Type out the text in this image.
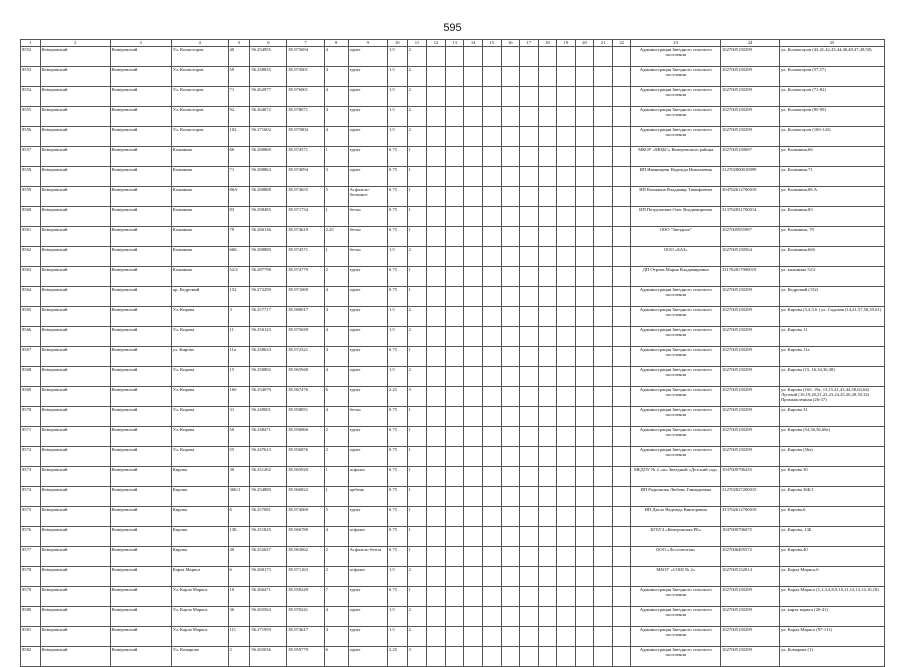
595
1	2	3	4	5	6	7	8	9	10	11	12	13	14	15	16	17	18	19	20	21	22	23	24	25
8552	Кемеровский	Кемеровский	Ул. Колмогоров	40	56.254955	85.975694	4	грунт	1.5	2												Администрация Звездного сельского поселения	1027005150299	ул. Колмогоров (43,41,42,43,44,46,48,47,49,50)
8553	Кемеровский	Кемеровский	Ул. Колмогоров	59	56.258835	85.975001	4	грунт	1.5	2												Администрация Звездного сельского поселения	1027005150299	ул. Колмогоров (57,57)
8554	Кемеровский	Кемеровский	Ул. Колмогоров	71	56.262977	85.976001	4	грунт	1.5	2												Администрация Звездного сельского поселения	1027005150299	ул. Колмогоров (71-82)
8555	Кемеровский	Кемеровский	Ул. Колмогоров	92	56.264072	85.978071	4	грунт	1.5	2												Администрация Звездного сельского поселения	1027005150299	ул. Колмогоров (85-99)
8556	Кемеровский	Кемеровский	Ул. Колмогоров	102	56.271602	85.975804	4	грунт	1.5	2												Администрация Звездного сельского поселения	1027005150299	ул. Колмогоров (100-142)
8557	Кемеровский	Кемеровский	Калинина	66	56.280860	85.974571	1	грунт	0.75	1												МКОУ «МЦБС» Кемеровского района	1027005150697	ул. Калинина,66
8558	Кемеровский	Кемеровский	Калинина	71	56.280863	85.974094	3	грунт	0.75	1												ИП Иванищева Надежда Николаевна	312702800010999	ул. Калинина,71
8559	Кемеровский	Кемеровский	Калинина	86А	56.280888	85.974655	5	Асфальто-бетонное	0.75	1												ИП Колмаков Владимир Тимофеевич	304702612700019	ул. Калинина,86 А
8560	Кемеровский	Кемеровский	Калинина	83	56.298485	85.971734	1	бетон	0.75	1												ИП Петрушевич Олег Владимирович	313702831700014	ул. Калинина,83
8561	Кемеровский	Кемеровский	Калинина	79	56.286136	85.974619	2.25	бетон	0.75	1												ООО "Звездное"	1027005955997	ул. Калинина, 79
8562	Кемеровский	Кемеровский	Калинина	66Б	56.280880	85.974571	1	бетон	1.5	2												ООО «БАЗ»	1027005150564	ул. Калинина,66б
8563	Кемеровский	Кемеровский	Калинина	52/2	56.287798	85.974779	2	грунт	0.75	1												ДП Отрова Мария Владимировна	311702817900019	ул. калинина 52/2
8564	Кемеровский	Кемеровский	пр. Кедровый	152	56.272299	85.971069	4	грунт	0.75	1												Администрация Звездного сельского поселения	1027005150299	ул. Кедровый (152)
8565	Кемеровский	Кемеровский	Ул. Кирова	3	56.257717	85.980017	4	грунт	1.5	2												Администрация Звездного сельского поселения	1027005150299	ул. Кирова (3,4,5,6 ) ул. Садовая (14,21,57,58,59,61)
8566	Кемеровский	Кемеровский	Ул. Кирова	11	56.256123	85.975049	4	грунт	1.5	2												Администрация Звездного сельского поселения	1027005150299	ул. Кирова 11
8567	Кемеровский	Кемеровский	ул. Кирова	11а	56.258633	85.972321	4	грунт	0.75	1												Администрация Звездного сельского поселения	1027005150299	ул. Кирова 11а
8568	Кемеровский	Кемеровский	Ул. Кирова	15	56.250892	85.965948	4	грунт	1.5	2												Администрация Звездного сельского поселения	1027005150299	ул. Кирова (15, 16,34,36,38)
8569	Кемеровский	Кемеровский	Ул. Кирова	16б	56.254079	85.967476	6	грунт	2.25	3												Администрация Звездного сельского поселения	1027005150299	ул. Кирова (16б, 19а, 13,15,41,43,44,58,63,64) Луговой (16,19,20,21,22,23,24,25,26,28,30,32) Промышленная (26-37)
8570	Кемеровский	Кемеровский	Ул. Кирова	31	56.249001	85.958851	4	бетон	0.75	1												Администрация Звездного сельского поселения	1027005150299	ул. Кирова 31
8571	Кемеровский	Кемеровский	Ул. Кирова	50	56.248471	85.956866	2	грунт	0.75	1												Администрация Звездного сельского поселения	1027005150299	ул. Кирова (54,56,56,60а)
8572	Кемеровский	Кемеровский	Ул. Кирова	55	56.247613	85.956876	2	грунт	0.75	1												Администрация Звездного сельского поселения	1027005150299	ул. Кирова (56а)
8573	Кемеровский	Кемеровский	Кирова	30	56.251202	85.965920	1	асфальт	0.75	1												МБДОУ № 2 «ж» Звездный «Детский сад»	1047000796435	ул. Кирова 30
8574	Кемеровский	Кемеровский	Кирова	36Б/1	56.254880	85.966822	1	щебень	0.75	1												ИП Радионова Любовь Геннадьевна	312702827200015	ул. Кирова 36Б/1
8575	Кемеровский	Кемеровский	Кирова	6	56.257081	85.974069	5	грунт	0.75	1												ИП Дятло Надежда Викторовна	313702612700019	ул. Кирова,6
8576	Кемеровский	Кемеровский	Кирова	13Б	56.251825	85.966780	4	асфальт	0.75	1												КГБУЗ «Кемеровская РБ»	1047000796075	ул. Кирова, 13Б
8577	Кемеровский	Кемеровский	Кирова	40	56.252047	85.963662	2	Асфальто-бетон	0.75	1												ООО «Лесозаготов»	1027006495572	ул. Кирова,40
8578	Кемеровский	Кемеровский	Карла Маркса	6	56.260173	85.971163	2	асфальт	1.5	2												МБОУ «СОШ № 2»	1027005152814	ул. Карла Маркса,6
8579	Кемеровский	Кемеровский	Ул. Карла Маркса	10	56.266471	85.958249	7	грунт	0.75	1												Администрация Звездного сельского поселения	1027005150299	ул. Карла Маркса (1,2,3,4,8,9,10,11,12,13,14,16,18)
8580	Кемеровский	Кемеровский	Ул. Карла Маркса	36	56.265563	85.970241	4	грунт	1.5	2												Администрация Звездного сельского поселения	1027005150299	ул. карла маркса (20-41)
8581	Кемеровский	Кемеровский	Ул. Карла Маркса	111	56.271959	85.974617	4	грунт	1.5	2												Администрация Звездного сельского поселения	1027005150299	ул. Карла Маркса (97-111)
8582	Кемеровский	Кемеровский	Ул. Комарова	2	56.265036	85.959779	6	грунт	2.25	3												Администрация Звездного сельского поселения	1027005150299	ул. Комарова (1)
